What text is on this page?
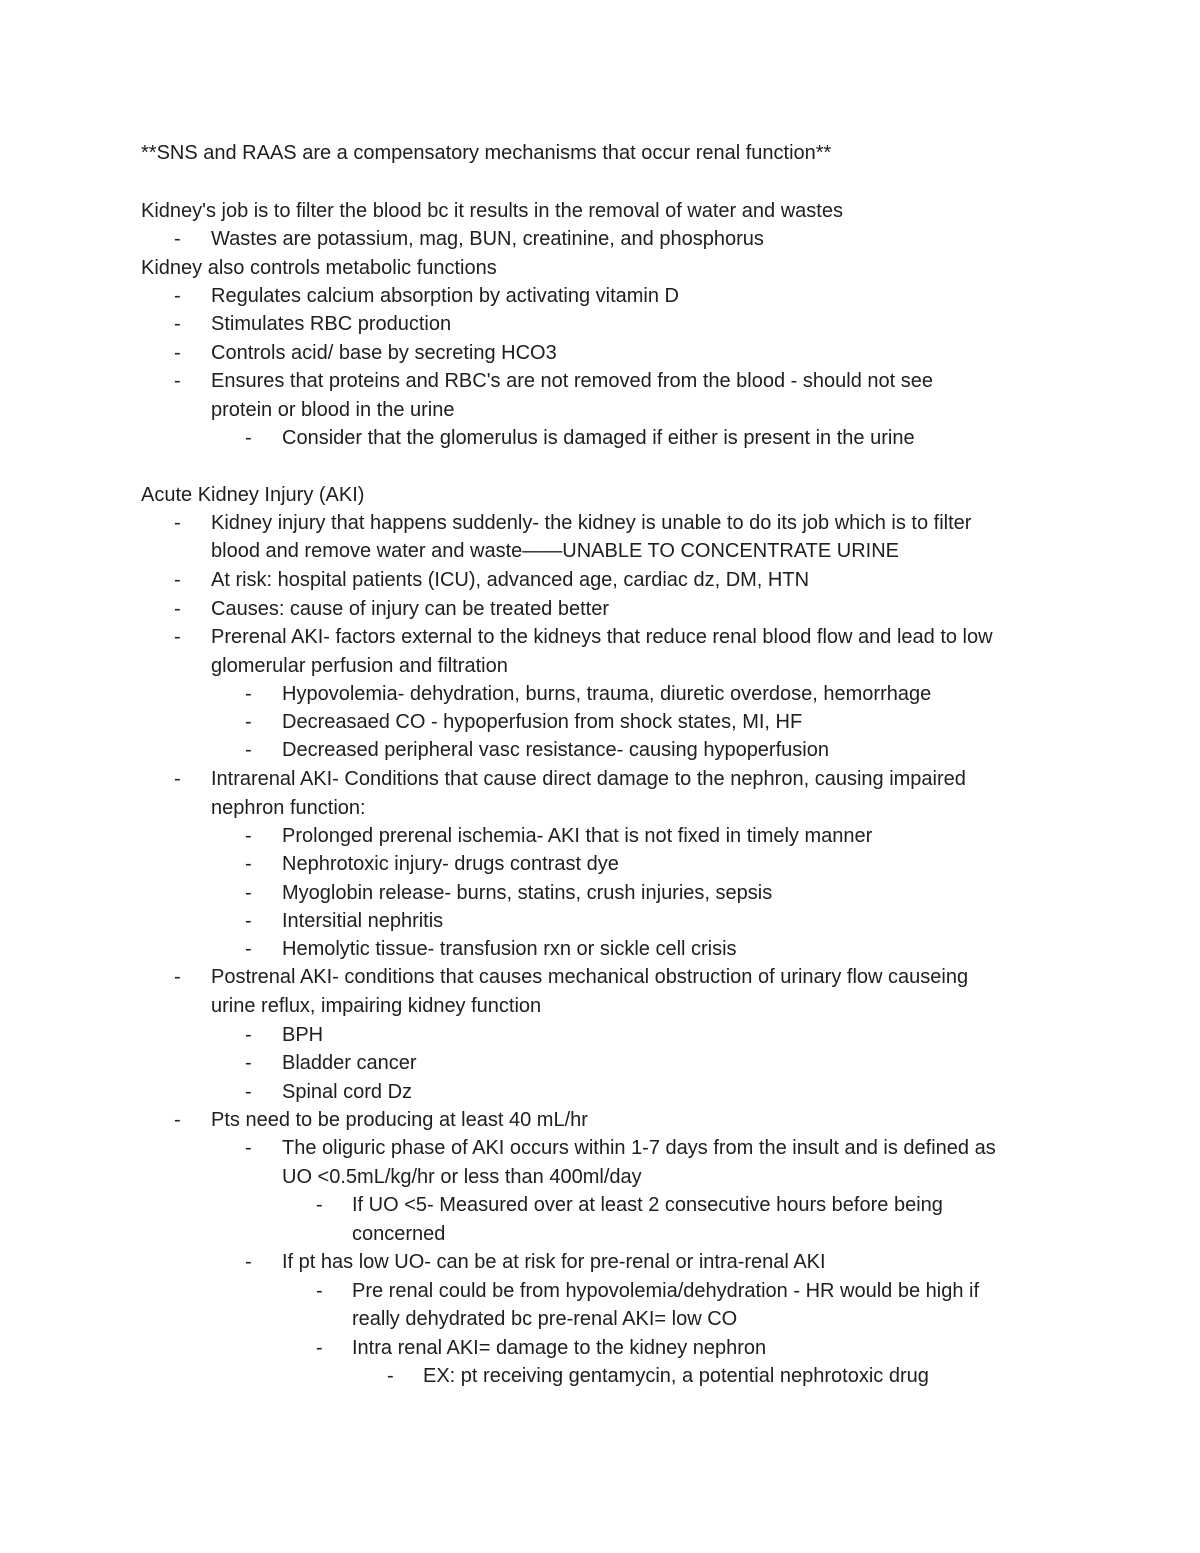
**SNS and RAAS are a compensatory mechanisms that occur renal function**
Kidney's job is to filter the blood bc it results in the removal of water and wastes
- Wastes are potassium, mag, BUN, creatinine, and phosphorus
Kidney also controls metabolic functions
- Regulates calcium absorption by activating vitamin D
- Stimulates RBC production
- Controls acid/ base by secreting HCO3
- Ensures that proteins and RBC's are not removed from the blood - should not see
protein or blood in the urine
- Consider that the glomerulus is damaged if either is present in the urine
Acute Kidney Injury (AKI)
- Kidney injury that happens suddenly- the kidney is unable to do its job which is to filter
blood and remove water and waste——UNABLE TO CONCENTRATE URINE
- At risk: hospital patients (ICU), advanced age, cardiac dz, DM, HTN
- Causes: cause of injury can be treated better
- Prerenal AKI- factors external to the kidneys that reduce renal blood flow and lead to low
glomerular perfusion and filtration
- Hypovolemia- dehydration, burns, trauma, diuretic overdose, hemorrhage
- Decreasaed CO - hypoperfusion from shock states, MI, HF
- Decreased peripheral vasc resistance- causing hypoperfusion
- Intrarenal AKI- Conditions that cause direct damage to the nephron, causing impaired
nephron function:
- Prolonged prerenal ischemia- AKI that is not fixed in timely manner
- Nephrotoxic injury- drugs contrast dye
- Myoglobin release- burns, statins, crush injuries, sepsis
- Intersitial nephritis
- Hemolytic tissue- transfusion rxn or sickle cell crisis
- Postrenal AKI- conditions that causes mechanical obstruction of urinary flow causeing
urine reflux, impairing kidney function
- BPH
- Bladder cancer
- Spinal cord Dz
- Pts need to be producing at least 40 mL/hr
- The oliguric phase of AKI occurs within 1-7 days from the insult and is defined as
UO <0.5mL/kg/hr or less than 400ml/day
- If UO <5- Measured over at least 2 consecutive hours before being
concerned
- If pt has low UO- can be at risk for pre-renal or intra-renal AKI
- Pre renal could be from hypovolemia/dehydration - HR would be high if
really dehydrated bc pre-renal AKI= low CO
- Intra renal AKI= damage to the kidney nephron
- EX: pt receiving gentamycin, a potential nephrotoxic drug
